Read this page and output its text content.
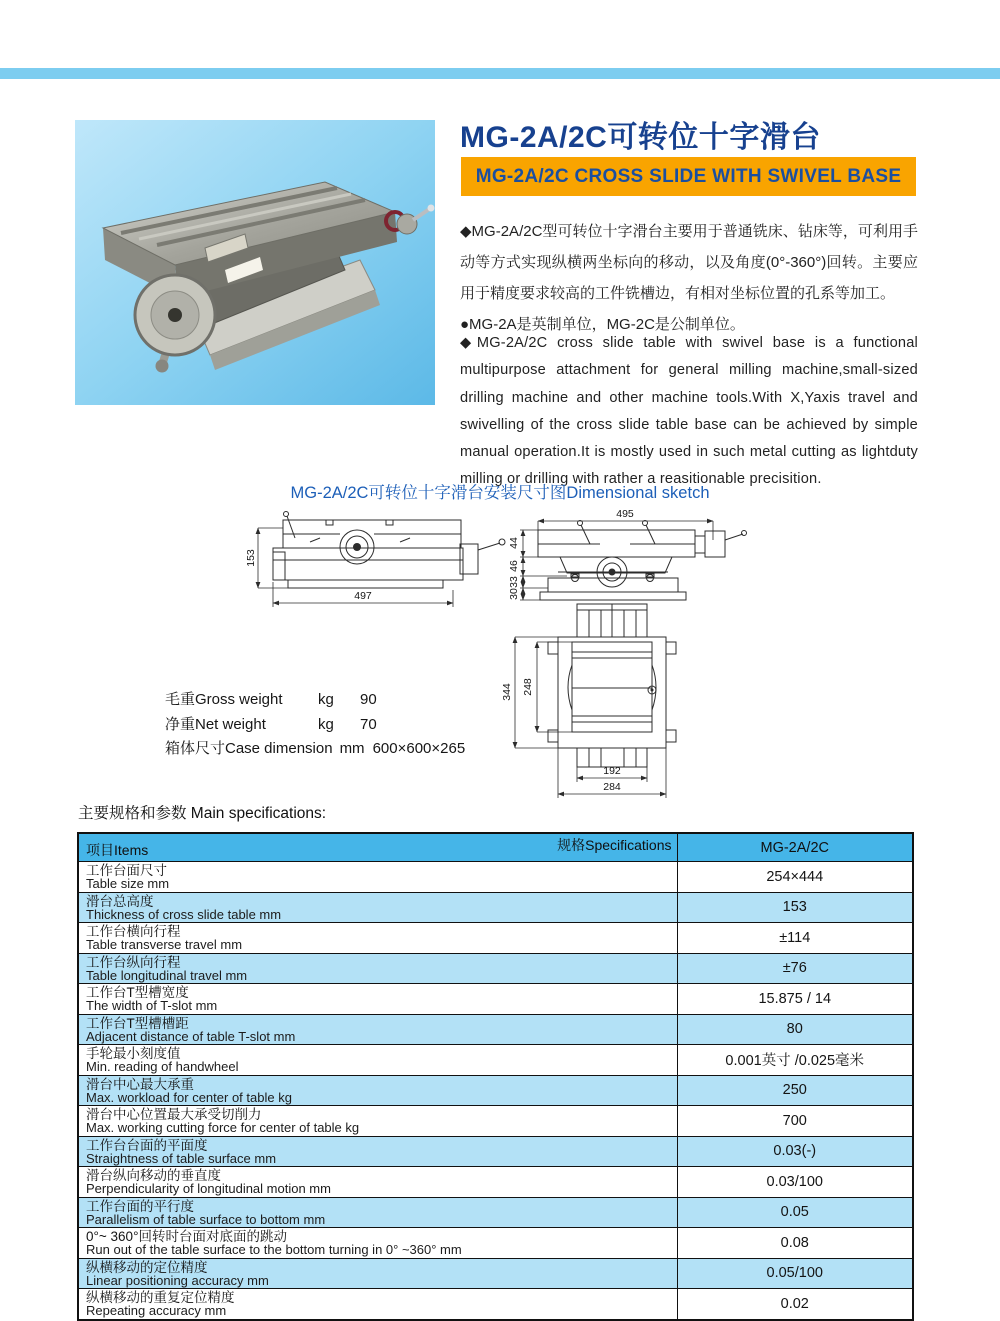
MG-2A/2C可转位十字滑台
MG-2A/2C CROSS SLIDE WITH SWIVEL BASE
◆MG-2A/2C型可转位十字滑台主要用于普通铣床、钻床等，可利用手动等方式实现纵横两坐标向的移动，以及角度(0°-360°)回转。主要应用于精度要求较高的工件铣槽边，有相对坐标位置的孔系等加工。
●MG-2A是英制单位，MG-2C是公制单位。
◆MG-2A/2C cross slide table with swivel base is a functional multipurpose attachment for general milling machine,small-sized drilling machine and other machine tools.With X,Yaxis travel and swivelling of the cross slide table base can be achieved by simple manual operation.It is mostly used in such metal cutting as lightduty milling or drilling with rather a reasitionable precisition.
MG-2A/2C可转位十字滑台安装尺寸图Dimensional sketch
153
497
495
44
46
33
30
344 248
192
284
毛重Gross weight kg 90
净重Net weight	kg 70
箱体尺寸Case dimension mm 600×600×265
主要规格和参数 Main specifications:
项目Items 规格Specifications	MG-2A/2C

工作台面尺寸
Table size mm	254×444

滑台总高度
Thickness of cross slide table mm	153

工作台横向行程
Table transverse travel mm	±114

工作台纵向行程
Table longitudinal travel mm	±76

工作台T型槽宽度
The width of T-slot mm	15.875 / 14

工作台T型槽槽距
Adjacent distance of table T-slot mm	80

手轮最小刻度值
Min. reading of handwheel	0.001英寸 /0.025毫米

滑台中心最大承重
Max. workload for center of table kg	250

滑台中心位置最大承受切削力
Max. working cutting force for center of table kg	700

工作台台面的平面度
Straightness of table surface mm	0.03(-)

滑台纵向移动的垂直度
Perpendicularity of longitudinal motion mm	0.03/100

工作台面的平行度
Parallelism of table surface to bottom mm	0.05

0°~ 360°回转时台面对底面的跳动
Run out of the table surface to the bottom turning in 0° ~360° mm	0.08

纵横移动的定位精度
Linear positioning accuracy mm	0.05/100

纵横移动的重复定位精度
Repeating accuracy mm	0.02
